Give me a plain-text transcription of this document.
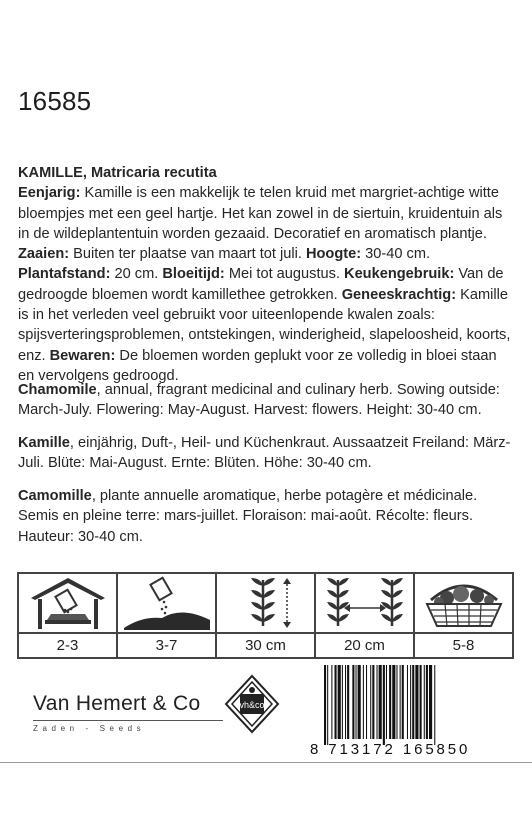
16585
KAMILLE, Matricaria recutita
Eenjarig: Kamille is een makkelijk te telen kruid met margriet-achtige witte bloempjes met een geel hartje. Het kan zowel in de siertuin, kruidentuin als in de wildeplantentuin worden gezaaid. Decoratief en aromatisch plantje.
Zaaien: Buiten ter plaatse van maart tot juli. Hoogte: 30-40 cm.
Plantafstand: 20 cm. Bloeitijd: Mei tot augustus. Keukengebruik: Van de gedroogde bloemen wordt kamillethee getrokken. Geneeskrachtig: Kamille is in het verleden veel gebruikt voor uiteenlopende kwalen zoals: spijsverteringsproblemen, ontstekingen, winderigheid, slapeloosheid, koorts, enz. Bewaren: De bloemen worden geplukt voor ze volledig in bloei staan en vervolgens gedroogd.
Chamomile, annual, fragrant medicinal and culinary herb. Sowing outside: March-July. Flowering: May-August. Harvest: flowers. Height: 30-40 cm.
Kamille, einjährig, Duft-, Heil- und Küchenkraut. Aussaatzeit Freiland: März-Juli. Blüte: Mai-August. Ernte: Blüten. Höhe: 30-40 cm.
Camomille, plante annuelle aromatique, herbe potagère et médicinale. Semis en pleine terre: mars-juillet. Floraison: mai-août. Récolte: fleurs. Hauteur: 30-40 cm.
2-3	3-7	30 cm	20 cm	5-8
Van Hemert & Co
Zaden - Seeds
vh&co
8 713172 165850
